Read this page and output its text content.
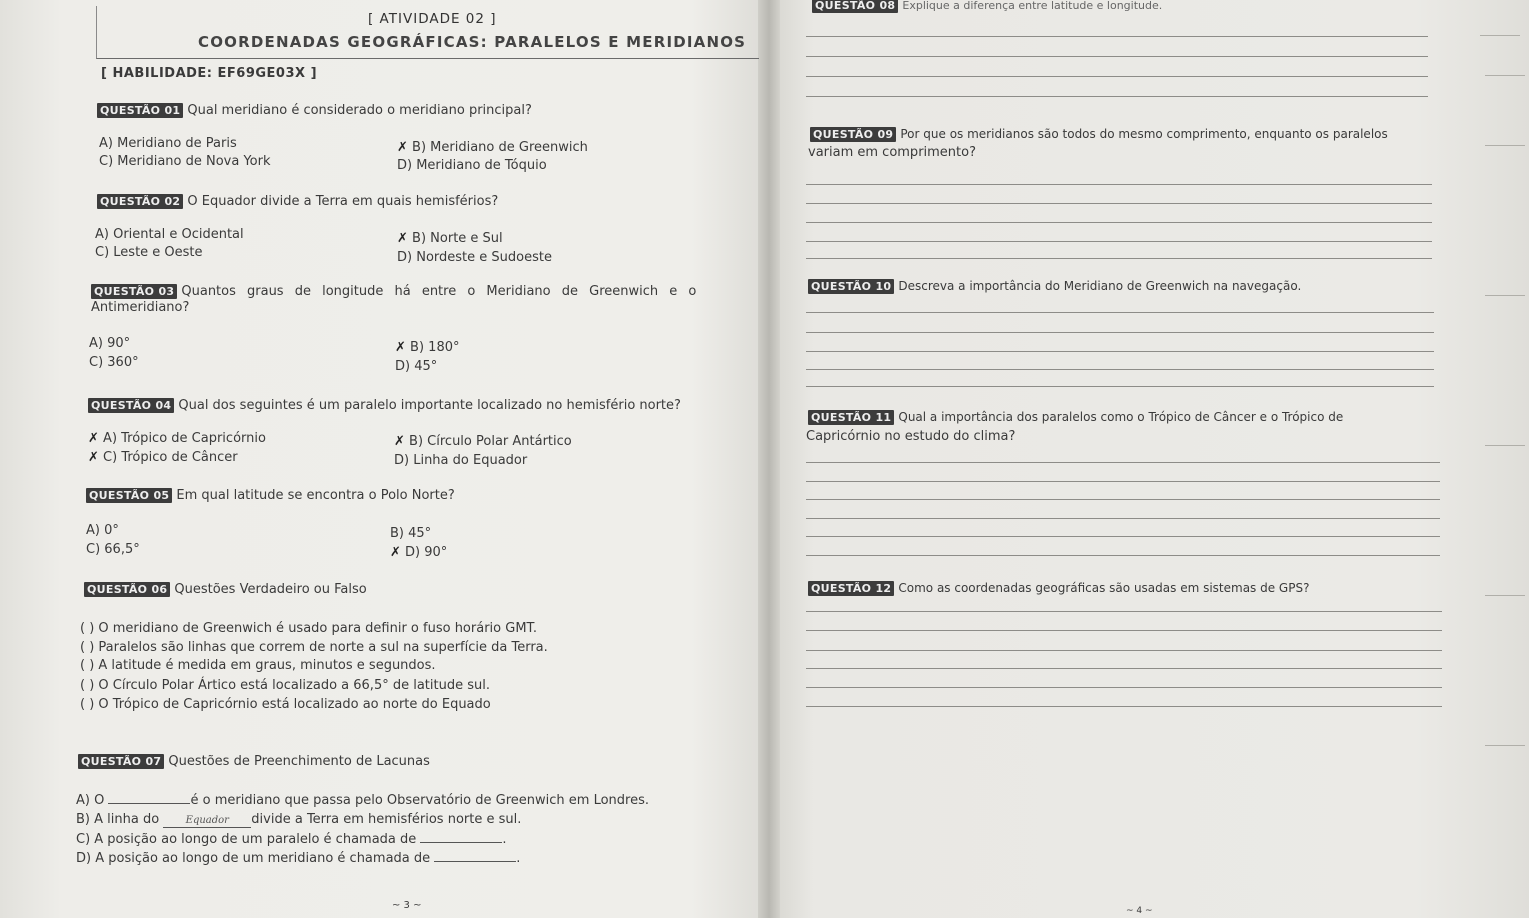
[ ATIVIDADE 02 ]
COORDENADAS GEOGRÁFICAS: PARALELOS E MERIDIANOS
[ HABILIDADE: EF69GE03X ]
QUESTÃO 01 Qual meridiano é considerado o meridiano principal?
A) Meridiano de Paris	✗ B) Meridiano de Greenwich
C) Meridiano de Nova York	D) Meridiano de Tóquio
QUESTÃO 02 O Equador divide a Terra em quais hemisférios?
A) Oriental e Ocidental	✗ B) Norte e Sul
C) Leste e Oeste	D) Nordeste e Sudoeste
QUESTÃO 03 Quantos graus de longitude há entre o Meridiano de Greenwich e o
Antimeridiano?
A) 90°	✗ B) 180°
C) 360°	D) 45°
QUESTÃO 04 Qual dos seguintes é um paralelo importante localizado no hemisfério norte?
✗ A) Trópico de Capricórnio	✗ B) Círculo Polar Antártico
✗ C) Trópico de Câncer	D) Linha do Equador
QUESTÃO 05 Em qual latitude se encontra o Polo Norte?
A) 0°	B) 45°
C) 66,5°	✗ D) 90°
QUESTÃO 06 Questões Verdadeiro ou Falso
( ) O meridiano de Greenwich é usado para definir o fuso horário GMT.
( ) Paralelos são linhas que correm de norte a sul na superfície da Terra.
( ) A latitude é medida em graus, minutos e segundos.
( ) O Círculo Polar Ártico está localizado a 66,5° de latitude sul.
( ) O Trópico de Capricórnio está localizado ao norte do Equado
QUESTÃO 07 Questões de Preenchimento de Lacunas
A) O	é o meridiano que passa pelo Observatório de Greenwich em Londres.
B) A linha do	Equador divide a Terra em hemisférios norte e sul.
C) A posição ao longo de um paralelo é chamada de	.
D) A posição ao longo de um meridiano é chamada de	.
~ 3 ~
QUESTÃO 08 Explique a diferença entre latitude e longitude.
QUESTÃO 09 Por que os meridianos são todos do mesmo comprimento, enquanto os paralelos
variam em comprimento?
QUESTÃO 10 Descreva a importância do Meridiano de Greenwich na navegação.
QUESTÃO 11 Qual a importância dos paralelos como o Trópico de Câncer e o Trópico de
Capricórnio no estudo do clima?
QUESTÃO 12 Como as coordenadas geográficas são usadas em sistemas de GPS?
~ 4 ~
